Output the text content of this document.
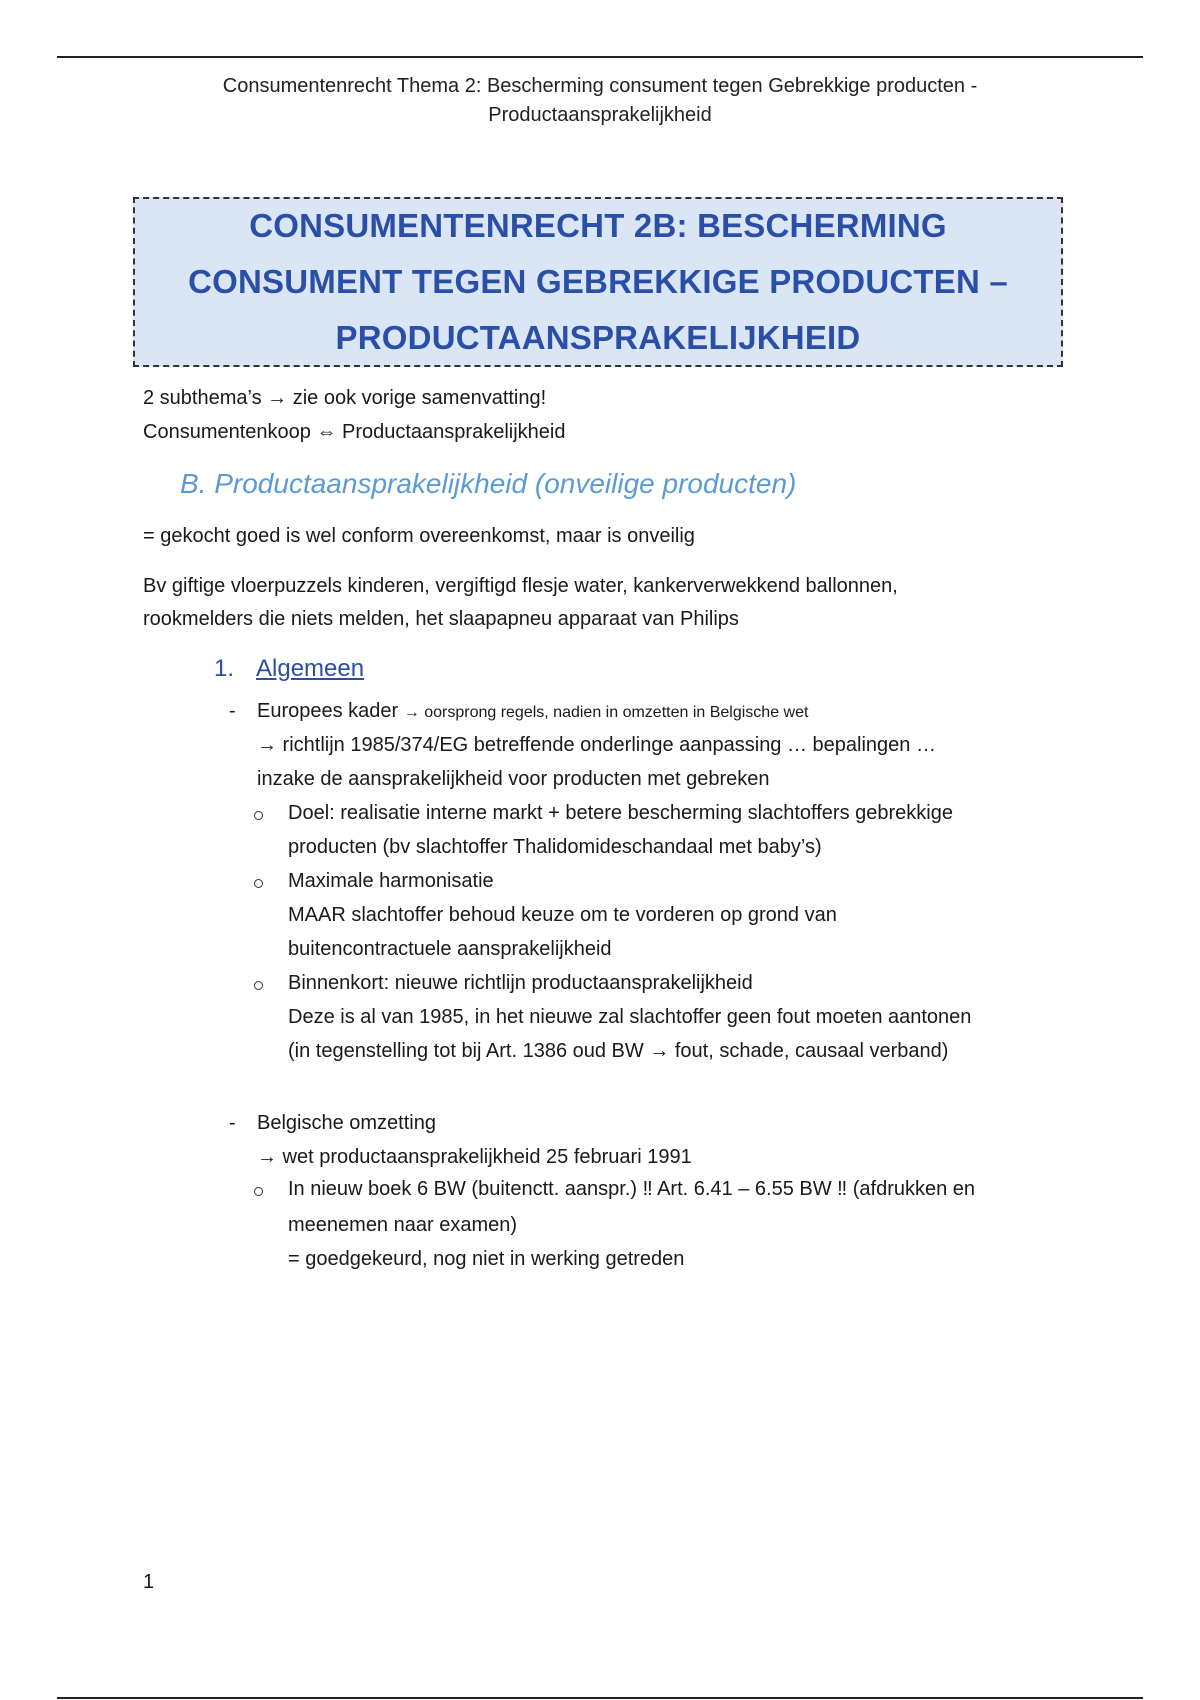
Consumentenrecht Thema 2: Bescherming consument tegen Gebrekkige producten -
Productaansprakelijkheid
CONSUMENTENRECHT 2B: BESCHERMING
CONSUMENT TEGEN GEBREKKIGE PRODUCTEN –
PRODUCTAANSPRAKELIJKHEID
2 subthema’s → zie ook vorige samenvatting!
Consumentenkoop ⇔ Productaansprakelijkheid
B. Productaansprakelijkheid (onveilige producten)
= gekocht goed is wel conform overeenkomst, maar is onveilig
Bv giftige vloerpuzzels kinderen, vergiftigd flesje water, kankerverwekkend ballonnen,
rookmelders die niets melden, het slaapapneu apparaat van Philips
1. Algemeen
- Europees kader → oorsprong regels, nadien in omzetten in Belgische wet
→ richtlijn 1985/374/EG betreffende onderlinge aanpassing … bepalingen …
inzake de aansprakelijkheid voor producten met gebreken
Doel: realisatie interne markt + betere bescherming slachtoffers gebrekkige
producten (bv slachtoffer Thalidomideschandaal met baby’s)
Maximale harmonisatie
MAAR slachtoffer behoud keuze om te vorderen op grond van
buitencontractuele aansprakelijkheid
Binnenkort: nieuwe richtlijn productaansprakelijkheid
Deze is al van 1985, in het nieuwe zal slachtoffer geen fout moeten aantonen
(in tegenstelling tot bij Art. 1386 oud BW → fout, schade, causaal verband)
- Belgische omzetting
→ wet productaansprakelijkheid 25 februari 1991
In nieuw boek 6 BW (buitenctt. aanspr.) ‼ Art. 6.41 – 6.55 BW ‼ (afdrukken en
meenemen naar examen)
= goedgekeurd, nog niet in werking getreden
1
